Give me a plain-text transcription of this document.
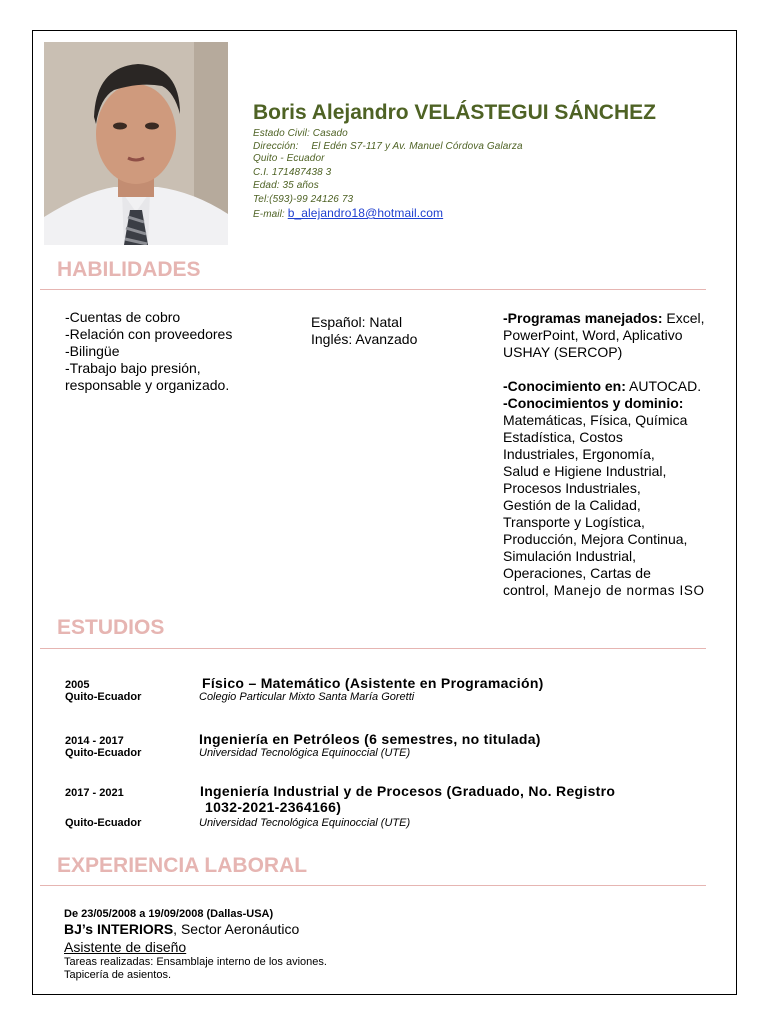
Boris Alejandro VELÁSTEGUI SÁNCHEZ
Estado Civil: Casado
Dirección: El Edén S7-117 y Av. Manuel Córdova Galarza
Quito - Ecuador
C.I. 171487438 3
Edad: 35 años
Tel:(593)-99 24126 73
E-mail: b_alejandro18@hotmail.com
HABILIDADES
-Cuentas de cobro
-Relación con proveedores
-Bilingüe
-Trabajo bajo presión,
responsable y organizado.
Español: Natal
Inglés: Avanzado
-Programas manejados: Excel,
PowerPoint, Word, Aplicativo
USHAY (SERCOP)
-Conocimiento en: AUTOCAD.
-Conocimientos y dominio:
Matemáticas, Física, Química
Estadística, Costos
Industriales, Ergonomía,
Salud e Higiene Industrial,
Procesos Industriales,
Gestión de la Calidad,
Transporte y Logística,
Producción, Mejora Continua,
Simulación Industrial,
Operaciones, Cartas de
control, Manejo de normas ISO
ESTUDIOS
2005	Físico – Matemático (Asistente en Programación)
Quito-Ecuador	Colegio Particular Mixto Santa María Goretti
2014 - 2017	Ingeniería en Petróleos (6 semestres, no titulada)
Quito-Ecuador	Universidad Tecnológica Equinoccial (UTE)
2017 - 2021	Ingeniería Industrial y de Procesos (Graduado, No. Registro
1032-2021-2364166)
Quito-Ecuador	Universidad Tecnológica Equinoccial (UTE)
EXPERIENCIA LABORAL
De 23/05/2008 a 19/09/2008 (Dallas-USA)
BJ’s INTERIORS, Sector Aeronáutico
Asistente de diseño
Tareas realizadas: Ensamblaje interno de los aviones.
Tapicería de asientos.
